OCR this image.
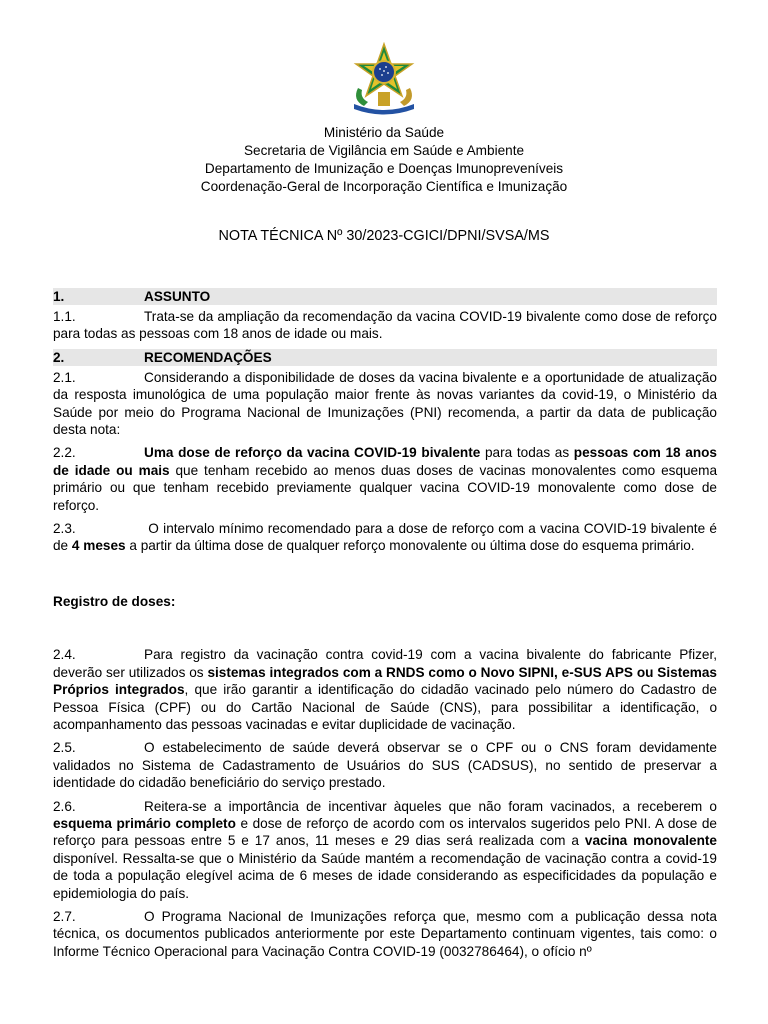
Ministério da Saúde
Secretaria de Vigilância em Saúde e Ambiente
Departamento de Imunização e Doenças Imunopreveníveis
Coordenação-Geral de Incorporação Científica e Imunização
NOTA TÉCNICA Nº 30/2023-CGICI/DPNI/SVSA/MS
1.	ASSUNTO

1.1.	Trata-se da ampliação da recomendação da vacina COVID-19 bivalente como dose de reforço para todas as pessoas com 18 anos de idade ou mais.

2.	RECOMENDAÇÕES

2.1.	Considerando a disponibilidade de doses da vacina bivalente e a oportunidade de atualização da resposta imunológica de uma população maior frente às novas variantes da covid-19, o Ministério da Saúde por meio do Programa Nacional de Imunizações (PNI) recomenda, a partir da data de publicação desta nota:

2.2.	Uma dose de reforço da vacina COVID-19 bivalente para todas as pessoas com 18 anos de idade ou mais que tenham recebido ao menos duas doses de vacinas monovalentes como esquema primário ou que tenham recebido previamente qualquer vacina COVID-19 monovalente como dose de reforço.

2.3.	O intervalo mínimo recomendado para a dose de reforço com a vacina COVID-19 bivalente é de 4 meses a partir da última dose de qualquer reforço monovalente ou última dose do esquema primário.

Registro de doses:

2.4.	Para registro da vacinação contra covid-19 com a vacina bivalente do fabricante Pfizer, deverão ser utilizados os sistemas integrados com a RNDS como o Novo SIPNI, e-SUS APS ou Sistemas Próprios integrados, que irão garantir a identificação do cidadão vacinado pelo número do Cadastro de Pessoa Física (CPF) ou do Cartão Nacional de Saúde (CNS), para possibilitar a identificação, o acompanhamento das pessoas vacinadas e evitar duplicidade de vacinação.

2.5.	O estabelecimento de saúde deverá observar se o CPF ou o CNS foram devidamente validados no Sistema de Cadastramento de Usuários do SUS (CADSUS), no sentido de preservar a identidade do cidadão beneficiário do serviço prestado.

2.6.	Reitera-se a importância de incentivar àqueles que não foram vacinados, a receberem o esquema primário completo e dose de reforço de acordo com os intervalos sugeridos pelo PNI. A dose de reforço para pessoas entre 5 e 17 anos, 11 meses e 29 dias será realizada com a vacina monovalente disponível. Ressalta-se que o Ministério da Saúde mantém a recomendação de vacinação contra a covid-19 de toda a população elegível acima de 6 meses de idade considerando as especificidades da população e epidemiologia do país.

2.7.	O Programa Nacional de Imunizações reforça que, mesmo com a publicação dessa nota técnica, os documentos publicados anteriormente por este Departamento continuam vigentes, tais como: o Informe Técnico Operacional para Vacinação Contra COVID-19 (0032786464), o ofício nº
